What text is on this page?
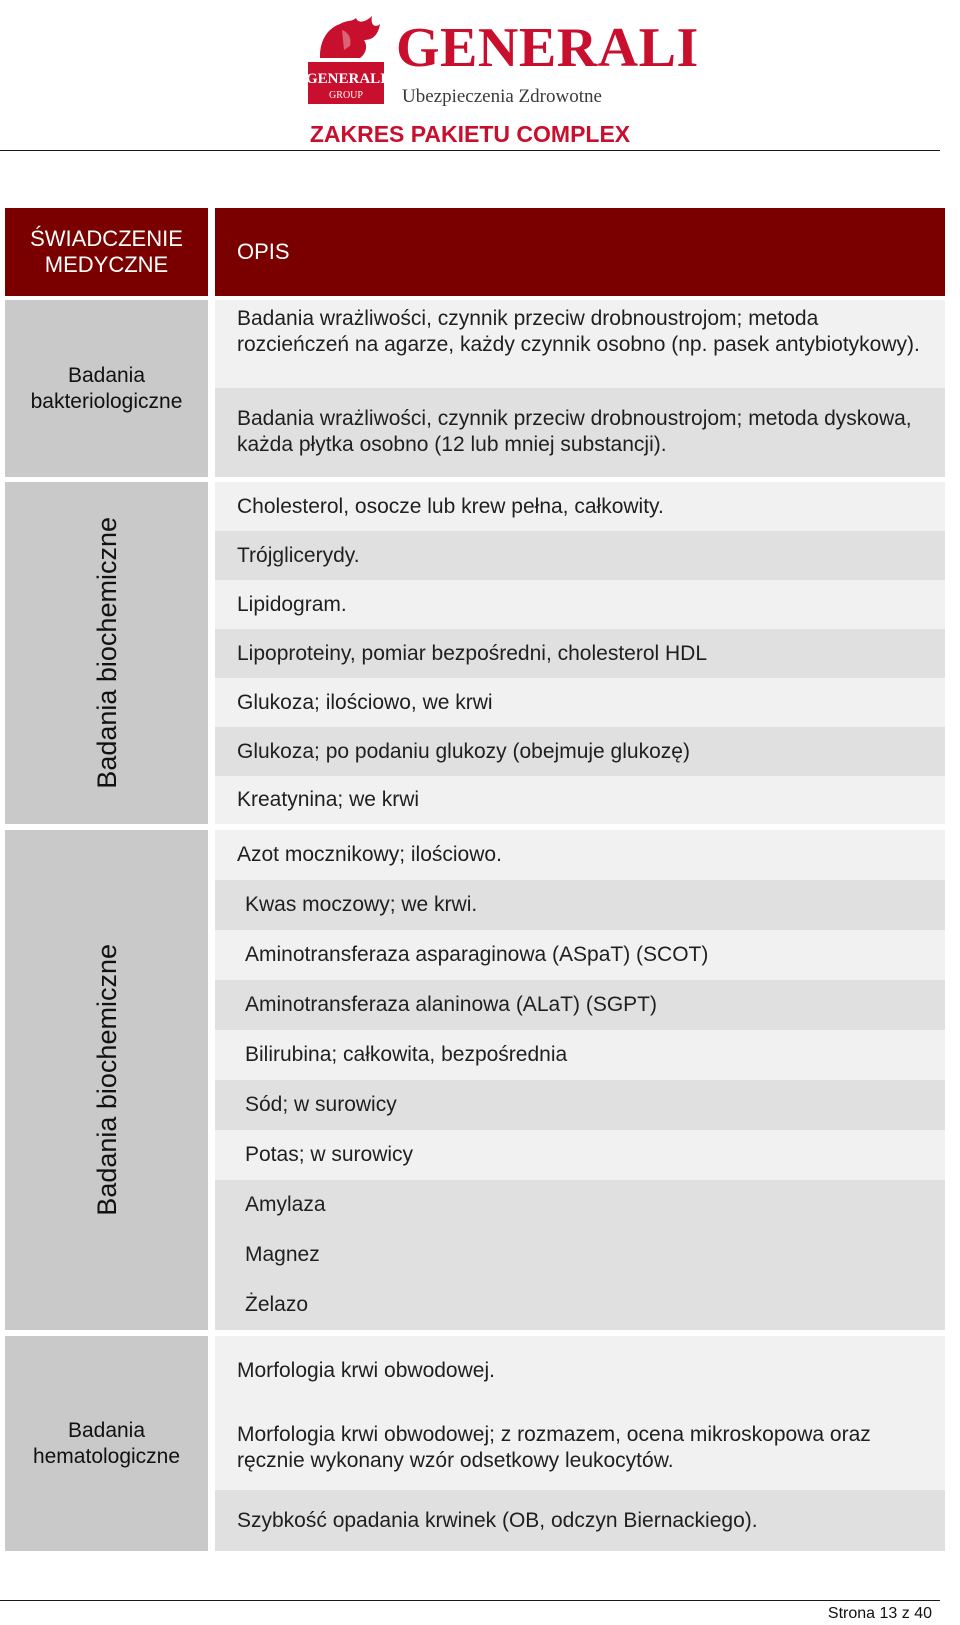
GENERALI
GROUP
GENERALI
Ubezpieczenia Zdrowotne
ZAKRES PAKIETU COMPLEX
ŚWIADCZENIE MEDYCZNE
OPIS
Badania bakteriologiczne
Badania wrażliwości, czynnik przeciw drobnoustrojom; metoda rozcieńczeń na agarze, każdy czynnik osobno (np. pasek antybiotykowy).
Badania wrażliwości, czynnik przeciw drobnoustrojom; metoda dyskowa, każda płytka osobno (12 lub mniej substancji).
Badania biochemiczne
Cholesterol, osocze lub krew pełna, całkowity.
Trójglicerydy.
Lipidogram.
Lipoproteiny, pomiar bezpośredni, cholesterol HDL
Glukoza; ilościowo, we krwi
Glukoza; po podaniu glukozy (obejmuje glukozę)
Kreatynina; we krwi
Badania biochemiczne
Azot mocznikowy; ilościowo.
Kwas moczowy; we krwi.
Aminotransferaza asparaginowa (ASpaT) (SCOT)
Aminotransferaza alaninowa (ALaT) (SGPT)
Bilirubina; całkowita, bezpośrednia
Sód; w surowicy
Potas; w surowicy
Amylaza
Magnez
Żelazo
Badania hematologiczne
Morfologia krwi obwodowej.
Morfologia krwi obwodowej; z rozmazem, ocena mikroskopowa oraz ręcznie wykonany wzór odsetkowy leukocytów.
Szybkość opadania krwinek (OB, odczyn Biernackiego).
Strona 13 z 40
